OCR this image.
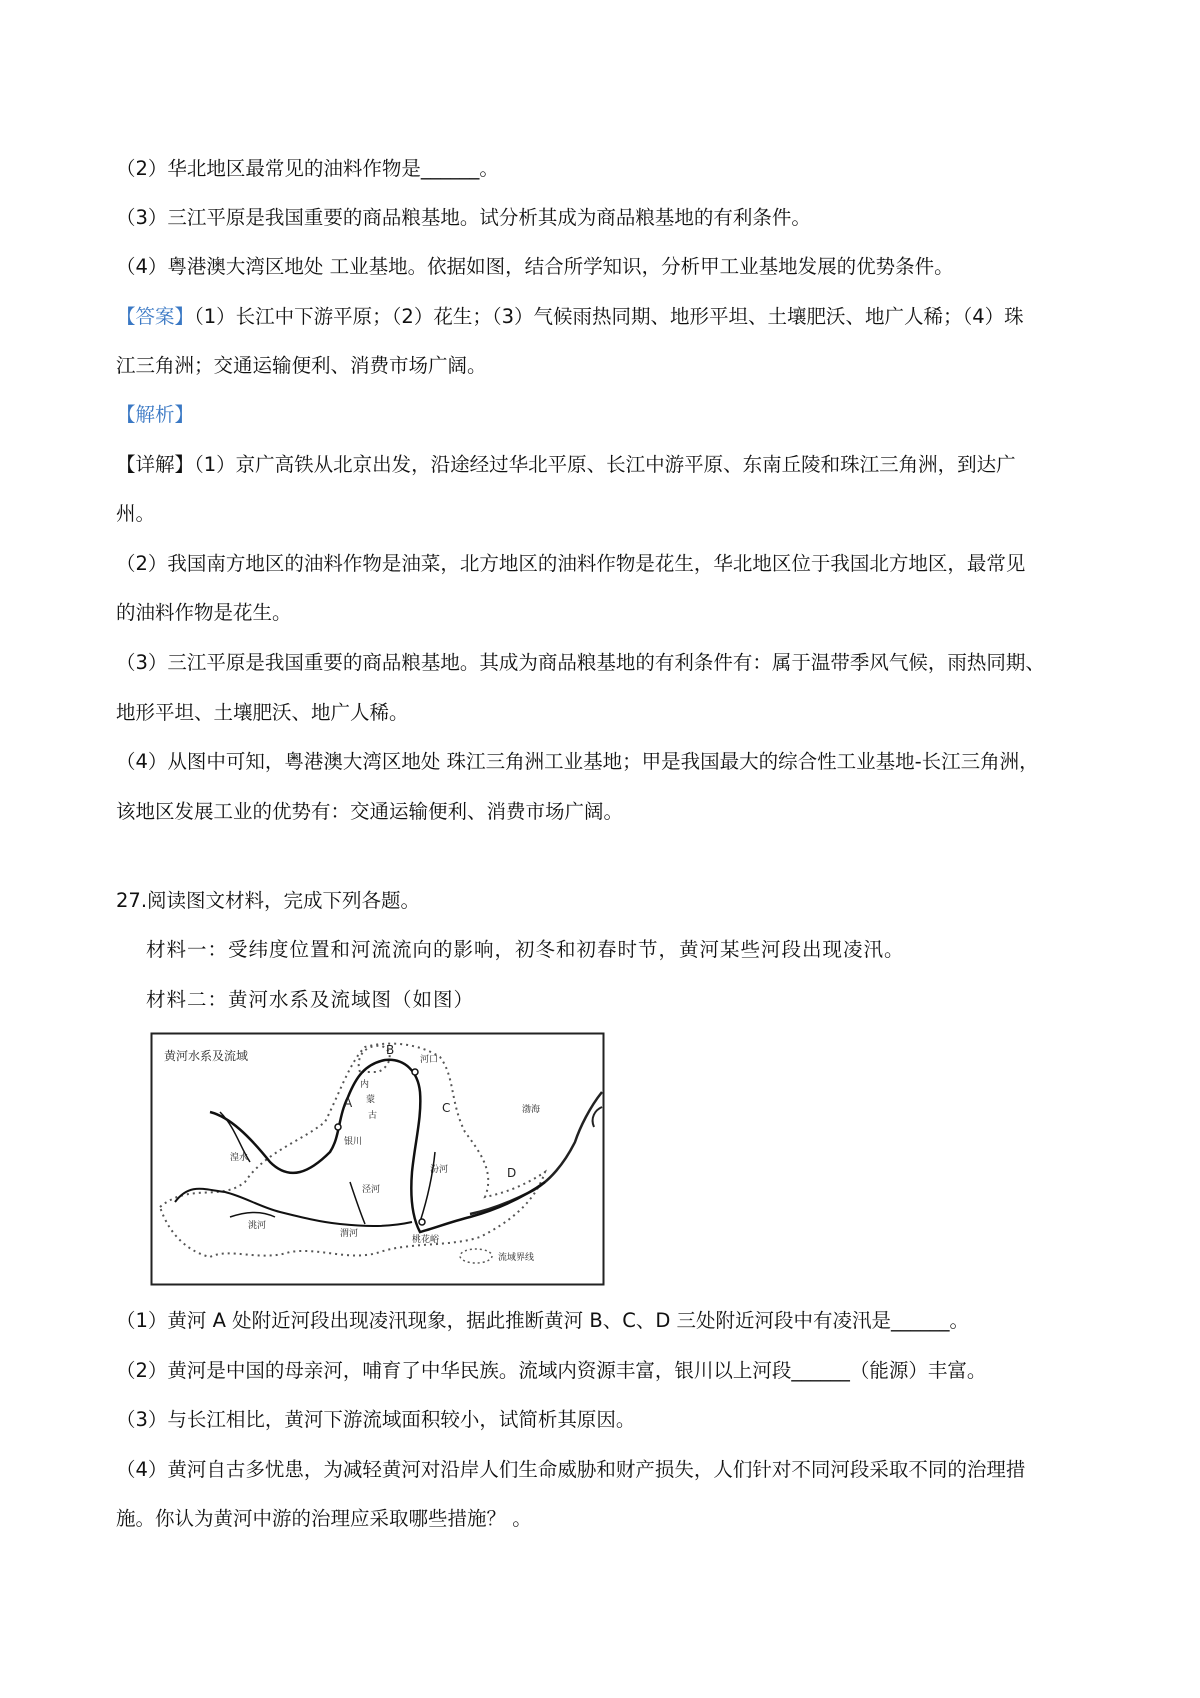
（2）华北地区最常见的油料作物是______。
（3）三江平原是我国重要的商品粮基地。试分析其成为商品粮基地的有利条件。
（4）粤港澳大湾区地处 工业基地。依据如图，结合所学知识，分析甲工业基地发展的优势条件。
【答案】（1）长江中下游平原；（2）花生；（3）气候雨热同期、地形平坦、土壤肥沃、地广人稀；（4）珠
江三角洲；交通运输便利、消费市场广阔。
【解析】
【详解】（1）京广高铁从北京出发，沿途经过华北平原、长江中游平原、东南丘陵和珠江三角洲，到达广
州。
（2）我国南方地区的油料作物是油菜，北方地区的油料作物是花生，华北地区位于我国北方地区，最常见
的油料作物是花生。
（3）三江平原是我国重要的商品粮基地。其成为商品粮基地的有利条件有：属于温带季风气候，雨热同期、
地形平坦、土壤肥沃、地广人稀。
（4）从图中可知，粤港澳大湾区地处 珠江三角洲工业基地；甲是我国最大的综合性工业基地-长江三角洲，
该地区发展工业的优势有：交通运输便利、消费市场广阔。
27.阅读图文材料，完成下列各题。
材料一：受纬度位置和河流流向的影响，初冬和初春时节，黄河某些河段出现凌汛。
材料二：黄河水系及流域图（如图）
黄河水系及流域
A
B
C
D
河口
内
蒙
古
银川
渤海
湟水
洮河
渭河
泾河
汾河
桃花峪
流域界线
（1）黄河 A 处附近河段出现凌汛现象，据此推断黄河 B、C、D 三处附近河段中有凌汛是______。
（2）黄河是中国的母亲河，哺育了中华民族。流域内资源丰富，银川以上河段______（能源）丰富。
（3）与长江相比，黄河下游流域面积较小，试简析其原因。
（4）黄河自古多忧患，为减轻黄河对沿岸人们生命威胁和财产损失，人们针对不同河段采取不同的治理措
施。你认为黄河中游的治理应采取哪些措施？ 。
